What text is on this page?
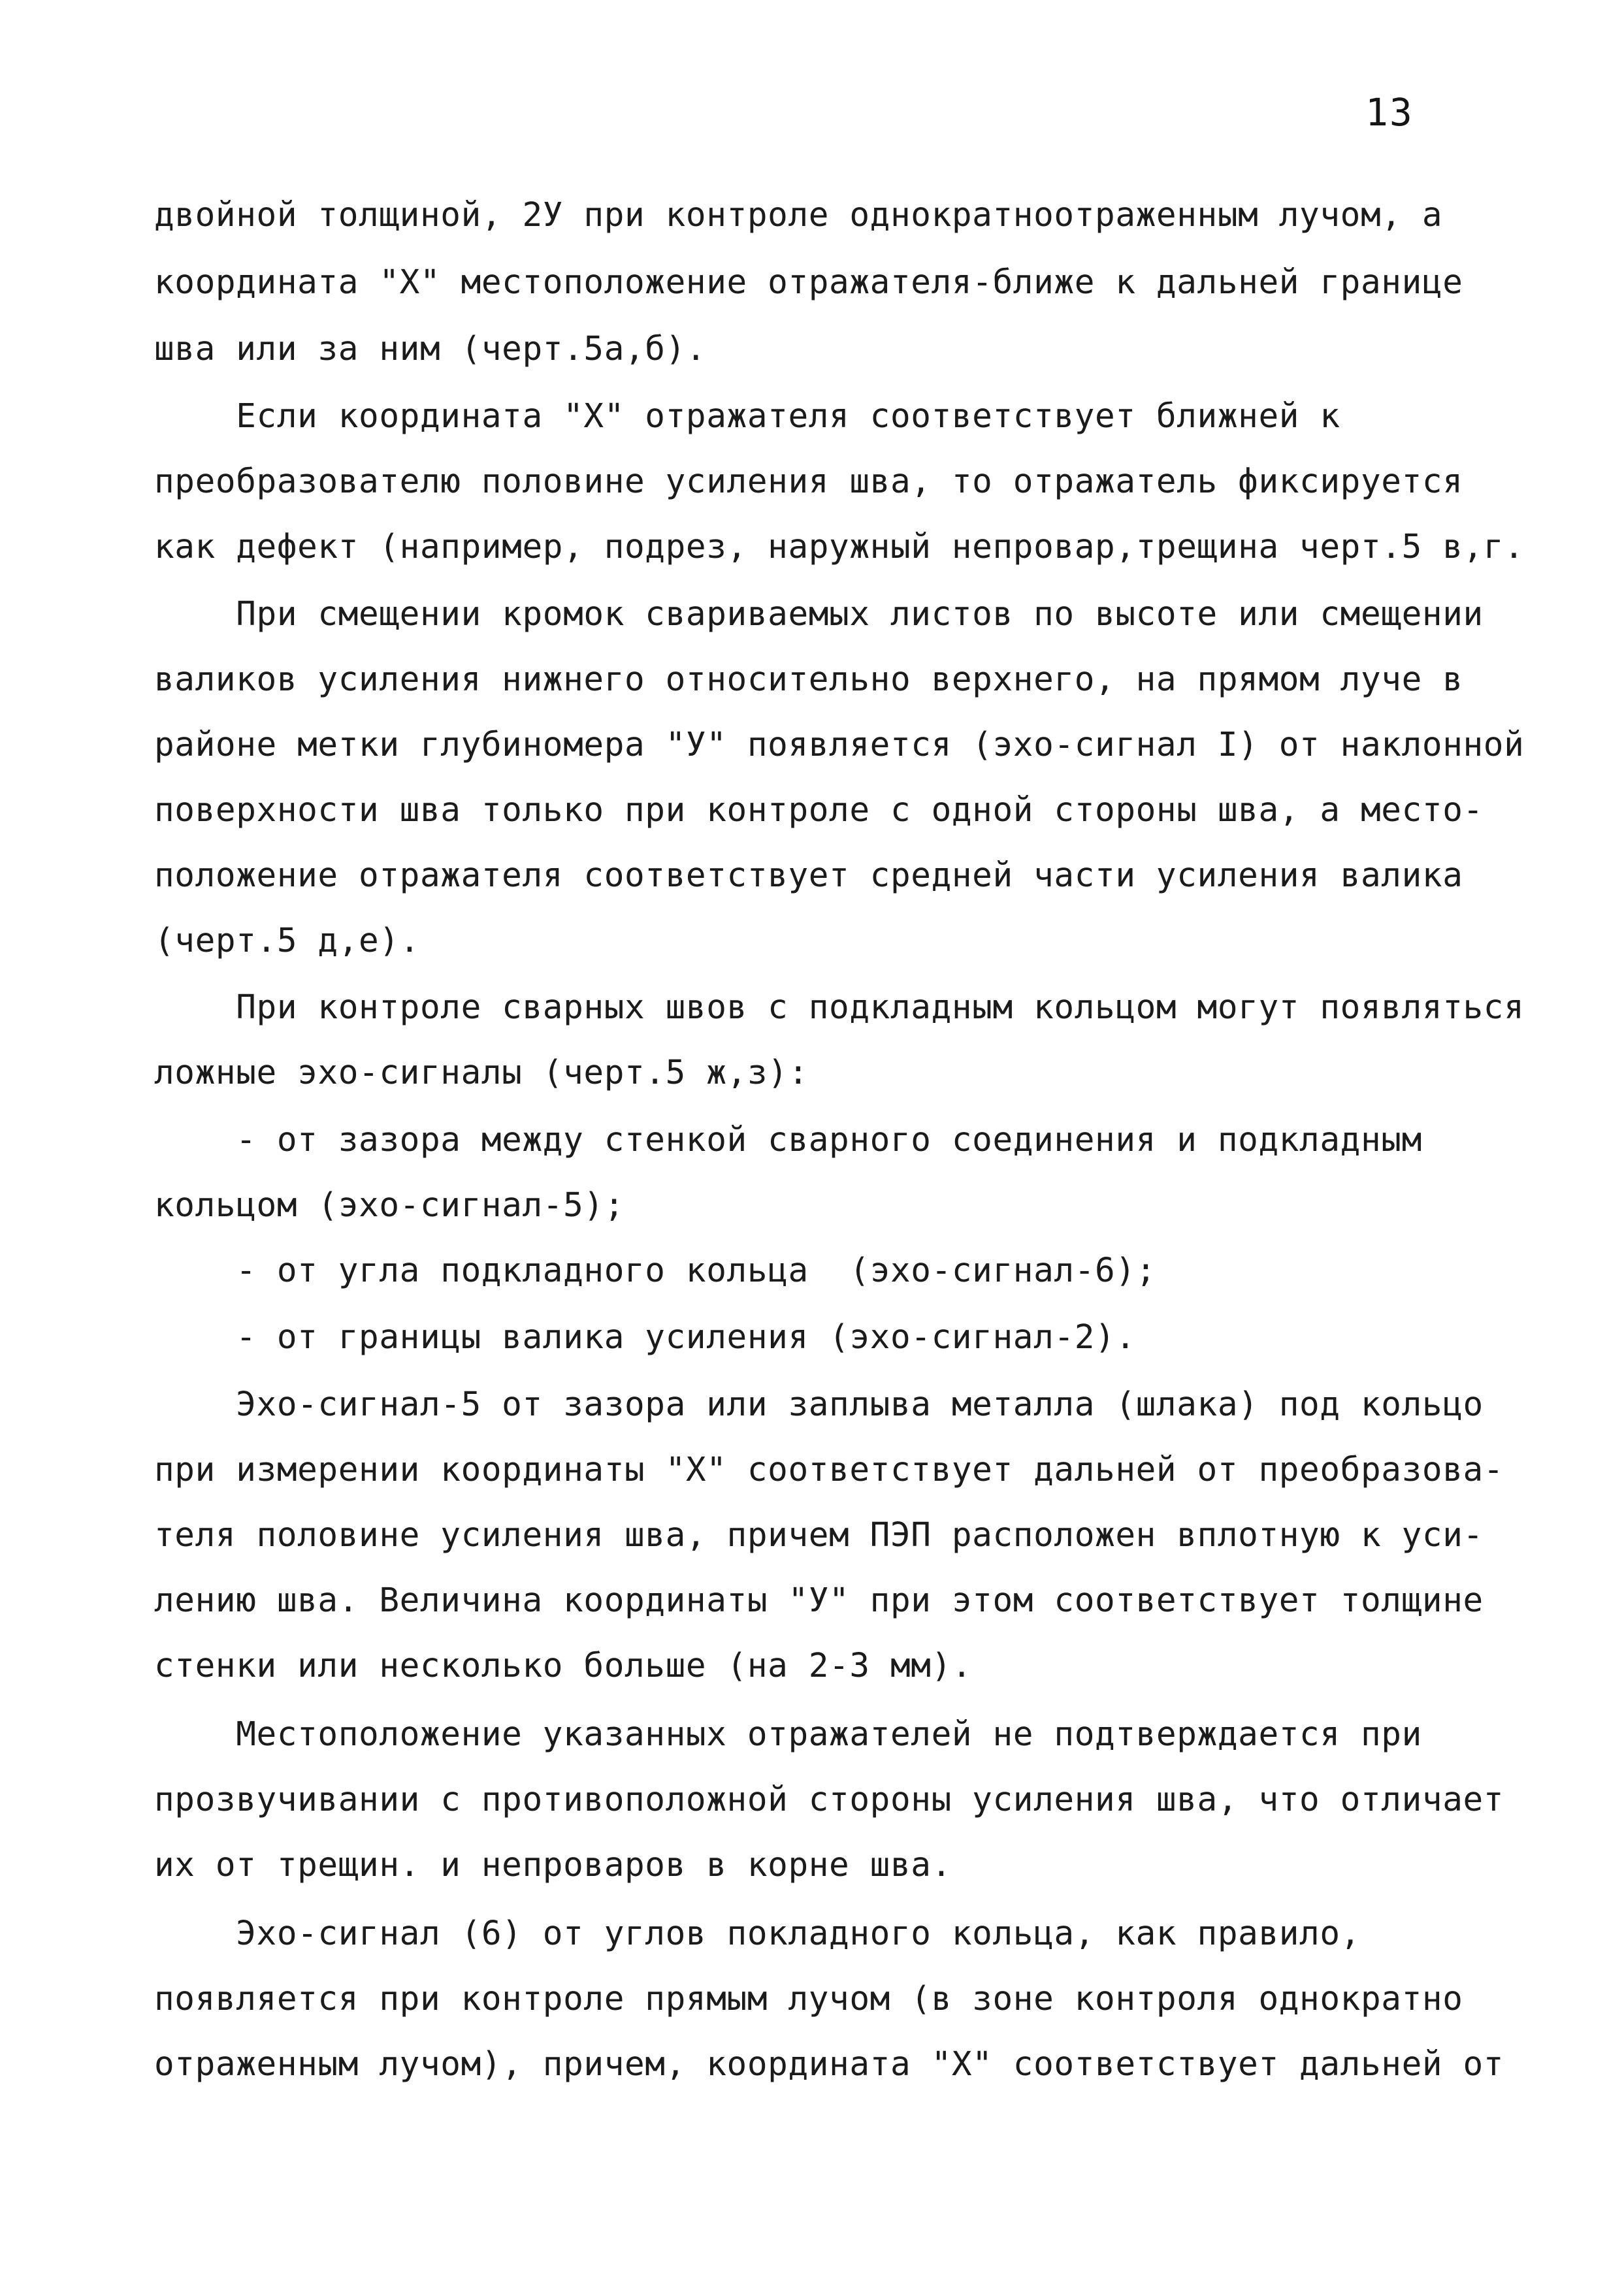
13
двойной толщиной, 2У при контроле однократноотраженным лучом, а
координата "Х" местоположение отражателя-ближе к дальней границе
шва или за ним (черт.5а,б).
Если координата "Х" отражателя соответствует ближней к
преобразователю половине усиления шва, то отражатель фиксируется
как дефект (например, подрез, наружный непровар,трещина черт.5 в,г.
При смещении кромок свариваемых листов по высоте или смещении
валиков усиления нижнего относительно верхнего, на прямом луче в
районе метки глубиномера "У" появляется (эхо-сигнал I) от наклонной
поверхности шва только при контроле с одной стороны шва, а место-
положение отражателя соответствует средней части усиления валика
(черт.5 д,е).
При контроле сварных швов с подкладным кольцом могут появляться
ложные эхо-сигналы (черт.5 ж,з):
- от зазора между стенкой сварного соединения и подкладным
кольцом (эхо-сигнал-5);
- от угла подкладного кольца  (эхо-сигнал-6);
- от границы валика усиления (эхо-сигнал-2).
Эхо-сигнал-5 от зазора или заплыва металла (шлака) под кольцо
при измерении координаты "Х" соответствует дальней от преобразова-
теля половине усиления шва, причем ПЭП расположен вплотную к уси-
лению шва. Величина координаты "У" при этом соответствует толщине
стенки или несколько больше (на 2-3 мм).
Местоположение указанных отражателей не подтверждается при
прозвучивании с противоположной стороны усиления шва, что отличает
их от трещин. и непроваров в корне шва.
Эхо-сигнал (6) от углов покладного кольца, как правило,
появляется при контроле прямым лучом (в зоне контроля однократно
отраженным лучом), причем, координата "Х" соответствует дальней от
